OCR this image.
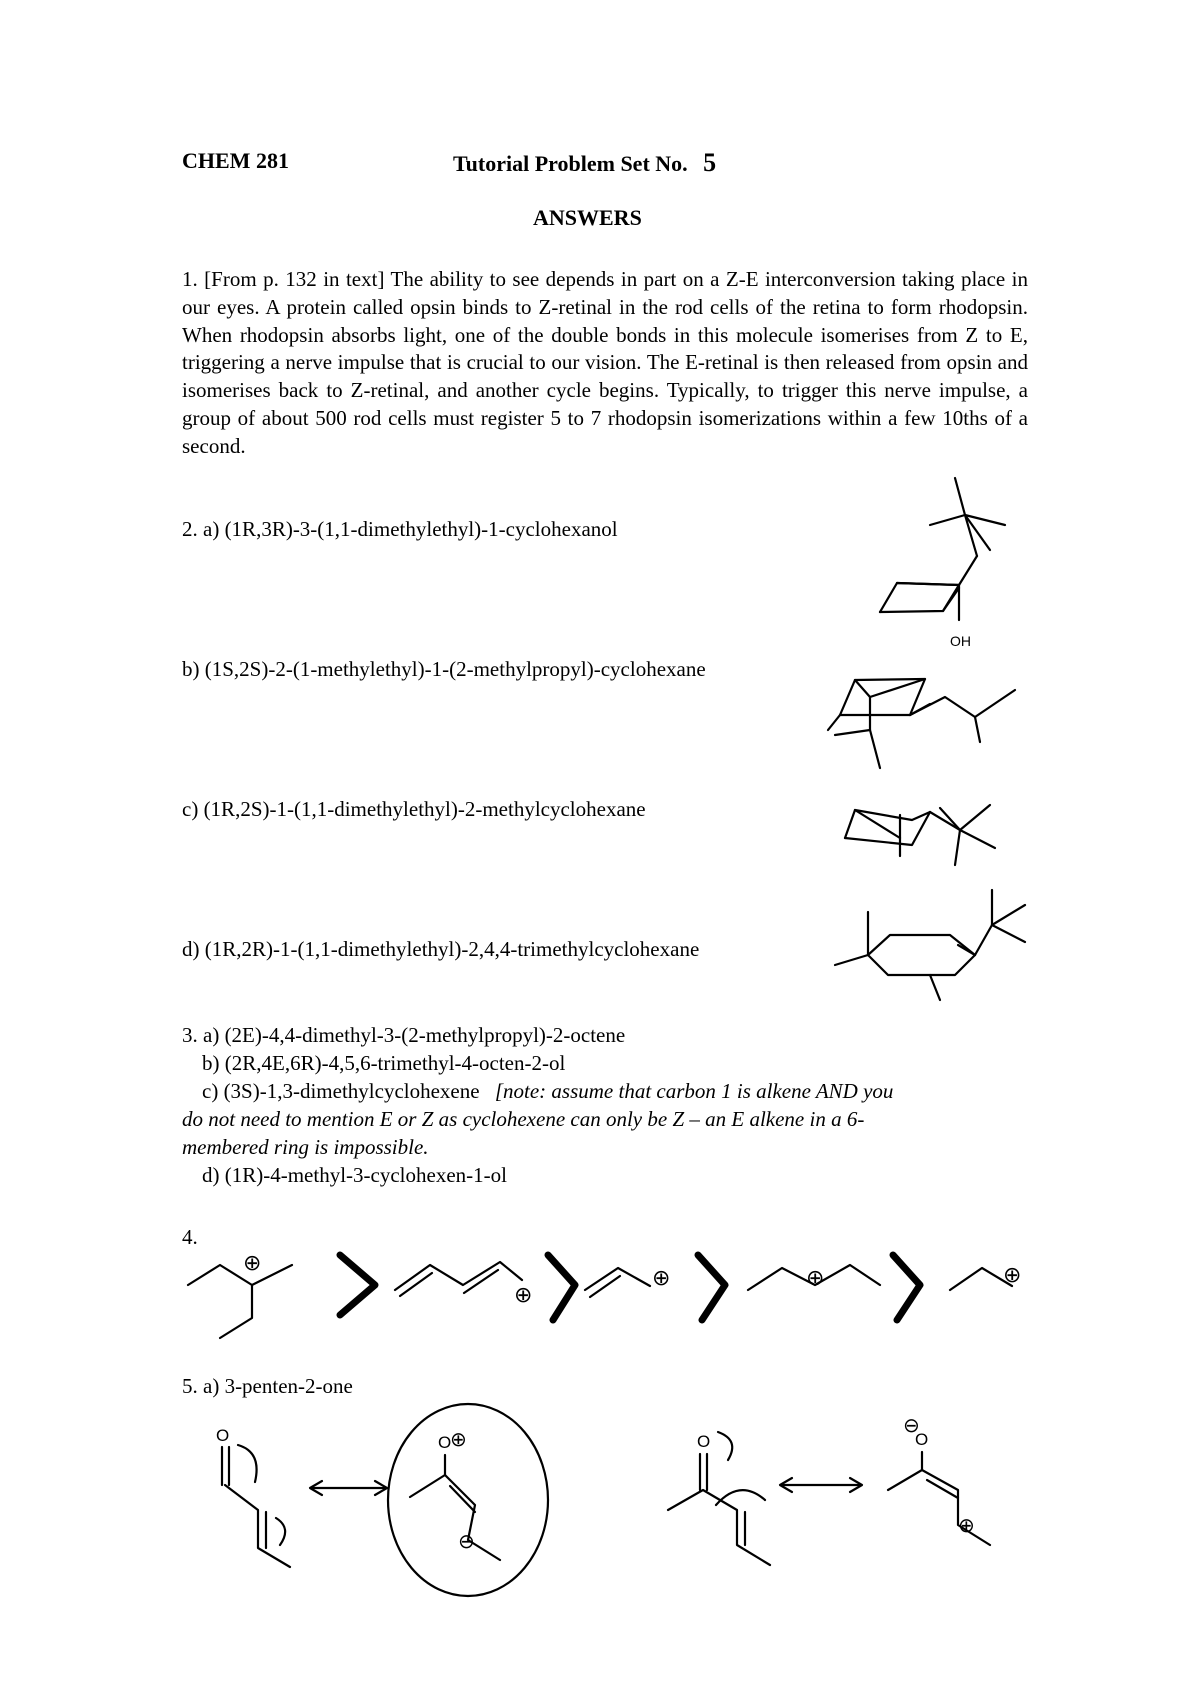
CHEM 281	Tutorial Problem Set No. 5
ANSWERS
1. [From p. 132 in text] The ability to see depends in part on a Z-E interconversion taking place in our eyes. A protein called opsin binds to Z-retinal in the rod cells of the retina to form rhodopsin. When rhodopsin absorbs light, one of the double bonds in this molecule isomerises from Z to E, triggering a nerve impulse that is crucial to our vision. The E-retinal is then released from opsin and isomerises back to Z-retinal, and another cycle begins. Typically, to trigger this nerve impulse, a group of about 500 rod cells must register 5 to 7 rhodopsin isomerizations within a few 10ths of a second.
2. a) (1R,3R)-3-(1,1-dimethylethyl)-1-cyclohexanol
b) (1S,2S)-2-(1-methylethyl)-1-(2-methylpropyl)-cyclohexane
c) (1R,2S)-1-(1,1-dimethylethyl)-2-methylcyclohexane
d) (1R,2R)-1-(1,1-dimethylethyl)-2,4,4-trimethylcyclohexane
OH
3. a) (2E)-4,4-dimethyl-3-(2-methylpropyl)-2-octene
b) (2R,4E,6R)-4,5,6-trimethyl-4-octen-2-ol
c) (3S)-1,3-dimethylcyclohexene [note: assume that carbon 1 is alkene AND you
do not need to mention E or Z as cyclohexene can only be Z – an E alkene in a 6-
membered ring is impossible.
d) (1R)-4-methyl-3-cyclohexen-1-ol
4.
⊕
⊕
⊕	⊕	⊕
5. a) 3-penten-2-one
O	O
⊕
⊖
O
⊖
O
⊕
